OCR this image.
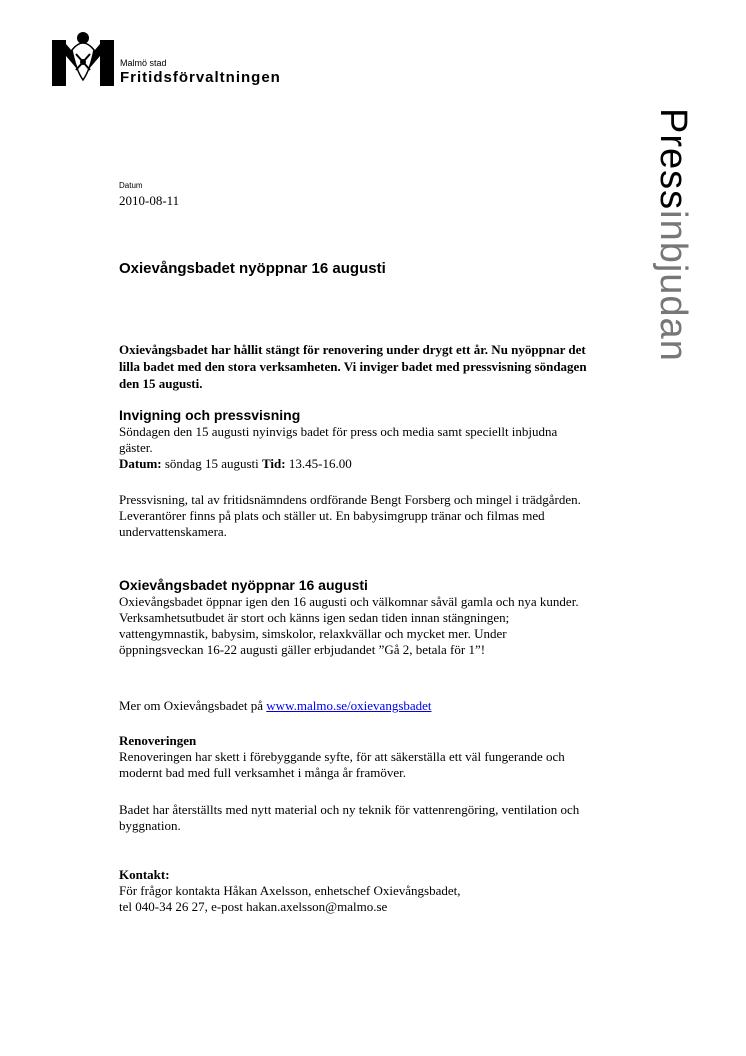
Malmö stad
Fritidsförvaltningen
Pressinbjudan
Datum
2010-08-11
Oxievångsbadet nyöppnar 16 augusti
Oxievångsbadet har hållit stängt för renovering under drygt ett år. Nu nyöppnar det lilla badet med den stora verksamheten. Vi inviger badet med pressvisning söndagen den 15 augusti.
Invigning och pressvisning

Söndagen den 15 augusti nyinvigs badet för press och media samt speciellt inbjudna gäster.

Datum: söndag 15 augusti Tid: 13.45-16.00

Pressvisning, tal av fritidsnämndens ordförande Bengt Forsberg och mingel i trädgården. Leverantörer finns på plats och ställer ut. En babysimgrupp tränar och filmas med undervattenskamera.

Oxievångsbadet nyöppnar 16 augusti

Oxievångsbadet öppnar igen den 16 augusti och välkomnar såväl gamla och nya kunder. Verksamhetsutbudet är stort och känns igen sedan tiden innan stängningen; vattengymnastik, babysim, simskolor, relaxkvällar och mycket mer. Under öppningsveckan 16-22 augusti gäller erbjudandet ”Gå 2, betala för 1”!

Mer om Oxievångsbadet på www.malmo.se/oxievangsbadet

Renoveringen

Renoveringen har skett i förebyggande syfte, för att säkerställa ett väl fungerande och modernt bad med full verksamhet i många år framöver.

Badet har återställts med nytt material och ny teknik för vattenrengöring, ventilation och byggnation.

Kontakt:

För frågor kontakta Håkan Axelsson, enhetschef Oxievångsbadet,

tel 040-34 26 27, e-post hakan.axelsson@malmo.se
